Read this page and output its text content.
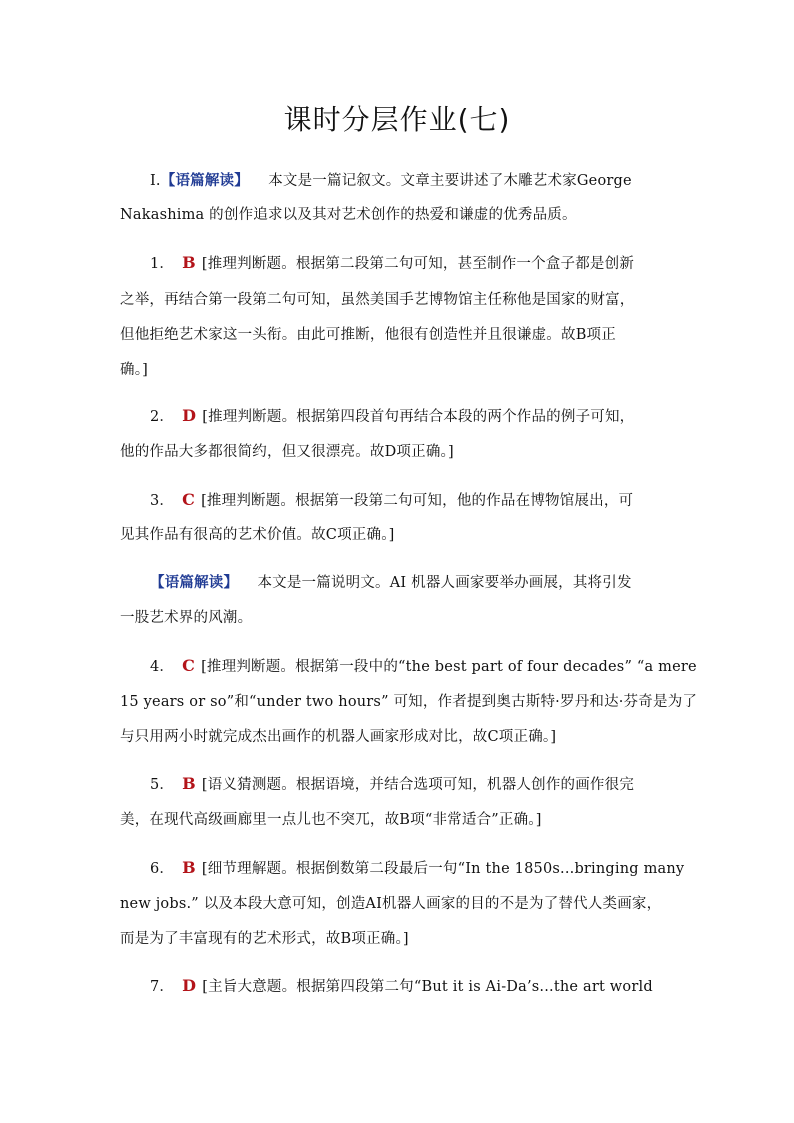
课时分层作业(七)
Ⅰ.【语篇解读】 本文是一篇记叙文。文章主要讲述了木雕艺术家George
Nakashima 的创作追求以及其对艺术创作的热爱和谦虚的优秀品质。
1． B [推理判断题。根据第二段第二句可知，甚至制作一个盒子都是创新
之举，再结合第一段第二句可知，虽然美国手艺博物馆主任称他是国家的财富，
但他拒绝艺术家这一头衔。由此可推断，他很有创造性并且很谦虚。故B项正
确。]
2． D [推理判断题。根据第四段首句再结合本段的两个作品的例子可知，
他的作品大多都很简约，但又很漂亮。故D项正确。]
3． C [推理判断题。根据第一段第二句可知，他的作品在博物馆展出，可
见其作品有很高的艺术价值。故C项正确。]
【语篇解读】 本文是一篇说明文。AI 机器人画家要举办画展，其将引发
一股艺术界的风潮。
4． C [推理判断题。根据第一段中的“the best part of four decades” “a mere
15 years or so”和“under two hours” 可知，作者提到奥古斯特·罗丹和达·芬奇是为了
与只用两小时就完成杰出画作的机器人画家形成对比，故C项正确。]
5． B [语义猜测题。根据语境，并结合选项可知，机器人创作的画作很完
美，在现代高级画廊里一点儿也不突兀，故B项“非常适合”正确。]
6． B [细节理解题。根据倒数第二段最后一句“In the 1850s...bringing many
new jobs.” 以及本段大意可知，创造AI机器人画家的目的不是为了替代人类画家，
而是为了丰富现有的艺术形式，故B项正确。]
7． D [主旨大意题。根据第四段第二句“But it is Ai-Da’s...the art world
